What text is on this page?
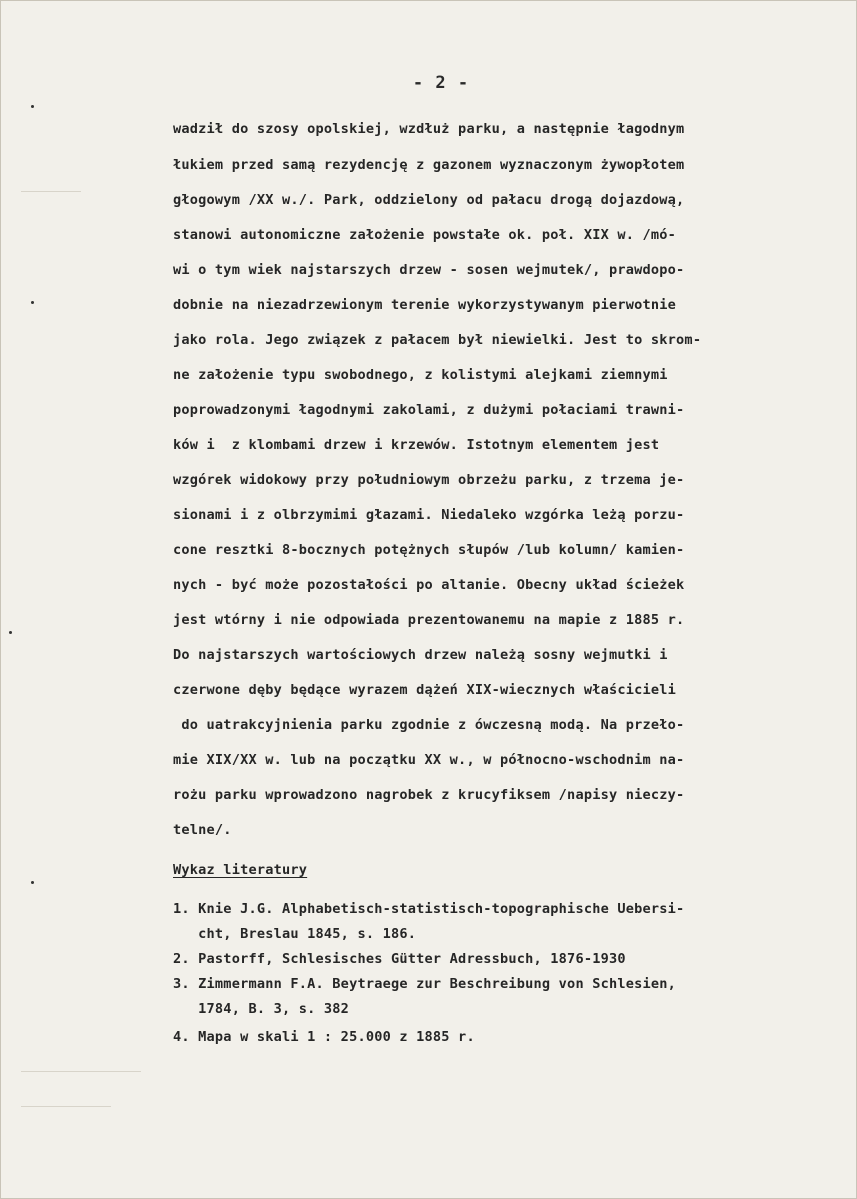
- 2 -
wadził do szosy opolskiej, wzdłuż parku, a następnie łagodnym
łukiem przed samą rezydencję z gazonem wyznaczonym żywopłotem
głogowym /XX w./. Park, oddzielony od pałacu drogą dojazdową,
stanowi autonomiczne założenie powstałe ok. poł. XIX w. /mó-
wi o tym wiek najstarszych drzew - sosen wejmutek/, prawdopo-
dobnie na niezadrzewionym terenie wykorzystywanym pierwotnie
jako rola. Jego związek z pałacem był niewielki. Jest to skrom-
ne założenie typu swobodnego, z kolistymi alejkami ziemnymi
poprowadzonymi łagodnymi zakolami, z dużymi połaciami trawni-
ków i  z klombami drzew i krzewów. Istotnym elementem jest
wzgórek widokowy przy południowym obrzeżu parku, z trzema je-
sionami i z olbrzymimi głazami. Niedaleko wzgórka leżą porzu-
cone resztki 8-bocznych potężnych słupów /lub kolumn/ kamien-
nych - być może pozostałości po altanie. Obecny układ ścieżek
jest wtórny i nie odpowiada prezentowanemu na mapie z 1885 r.
Do najstarszych wartościowych drzew należą sosny wejmutki i
czerwone dęby będące wyrazem dążeń XIX-wiecznych właścicieli
do uatrakcyjnienia parku zgodnie z ówczesną modą. Na przeło-
mie XIX/XX w. lub na początku XX w., w północno-wschodnim na-
rożu parku wprowadzono nagrobek z krucyfiksem /napisy nieczy-
telne/.
Wykaz literatury
1. Knie J.G. Alphabetisch-statistisch-topographische Uebersi-
cht, Breslau 1845, s. 186.
2. Pastorff, Schlesisches Gütter Adressbuch, 1876-1930
3. Zimmermann F.A. Beytraege zur Beschreibung von Schlesien,
1784, B. 3, s. 382
4. Mapa w skali 1 : 25.000 z 1885 r.
